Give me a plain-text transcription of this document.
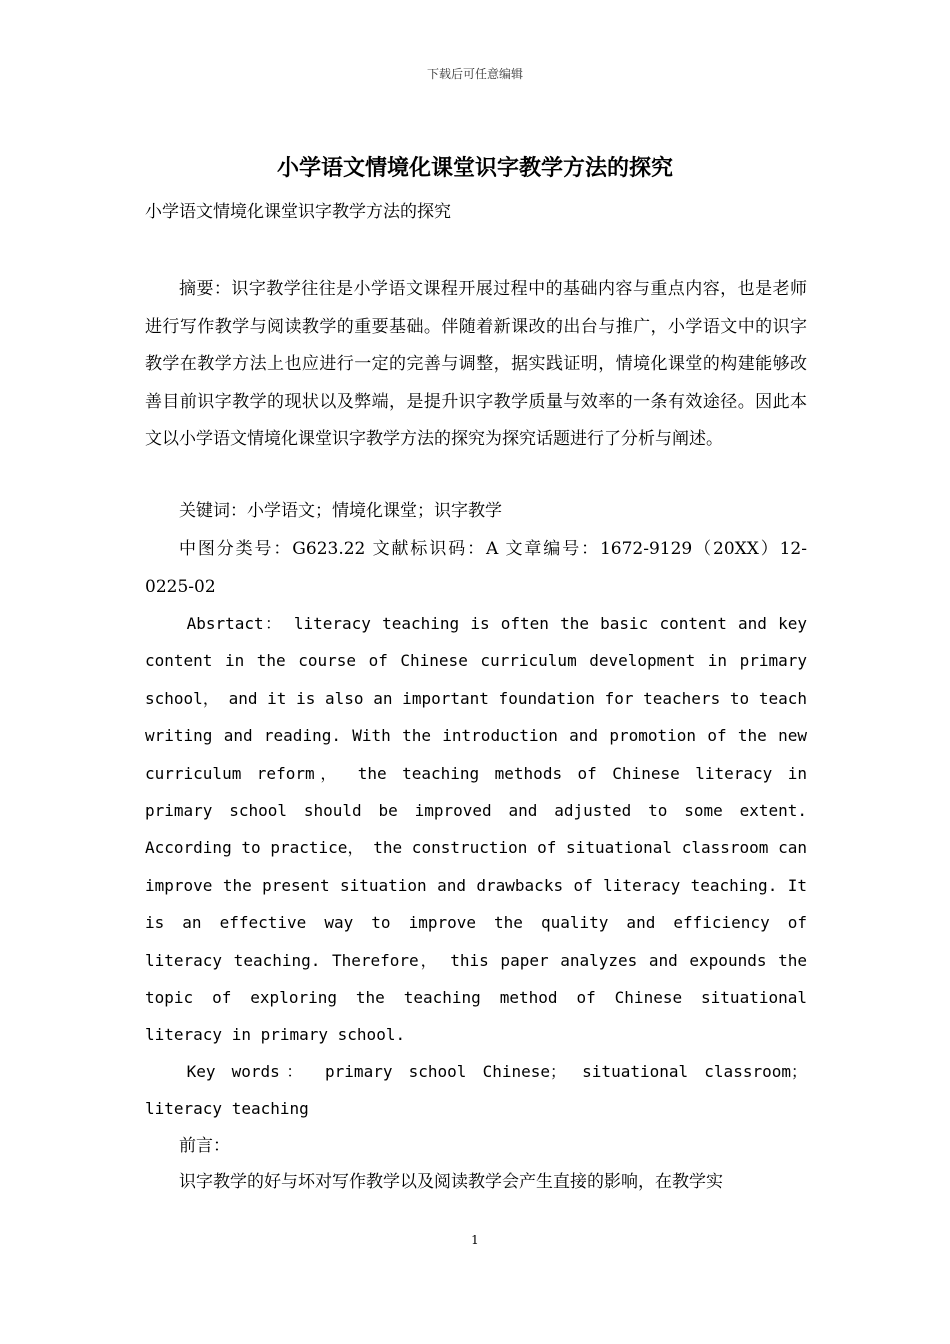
下载后可任意编辑
小学语文情境化课堂识字教学方法的探究
小学语文情境化课堂识字教学方法的探究

摘要：识字教学往往是小学语文课程开展过程中的基础内容与重点内容，也是老师进行写作教学与阅读教学的重要基础。伴随着新课改的出台与推广，小学语文中的识字教学在教学方法上也应进行一定的完善与调整，据实践证明，情境化课堂的构建能够改善目前识字教学的现状以及弊端，是提升识字教学质量与效率的一条有效途径。因此本文以小学语文情境化课堂识字教学方法的探究为探究话题进行了分析与阐述。

关键词：小学语文；情境化课堂；识字教学

中图分类号：G623.22 文献标识码：A 文章编号：1672-9129（20XX）12-0225-02

Absrtact： literacy teaching is often the basic content and key content in the course of Chinese curriculum development in primary school， and it is also an important foundation for teachers to teach writing and reading. With the introduction and promotion of the new curriculum reform， the teaching methods of Chinese literacy in primary school should be improved and adjusted to some extent. According to practice， the construction of situational classroom can improve the present situation and drawbacks of literacy teaching. It is an effective way to improve the quality and efficiency of literacy teaching. Therefore， this paper analyzes and expounds the topic of exploring the teaching method of Chinese situational literacy in primary school.

Key words： primary school Chinese； situational classroom； literacy teaching

前言：

识字教学的好与坏对写作教学以及阅读教学会产生直接的影响，在教学实

1
